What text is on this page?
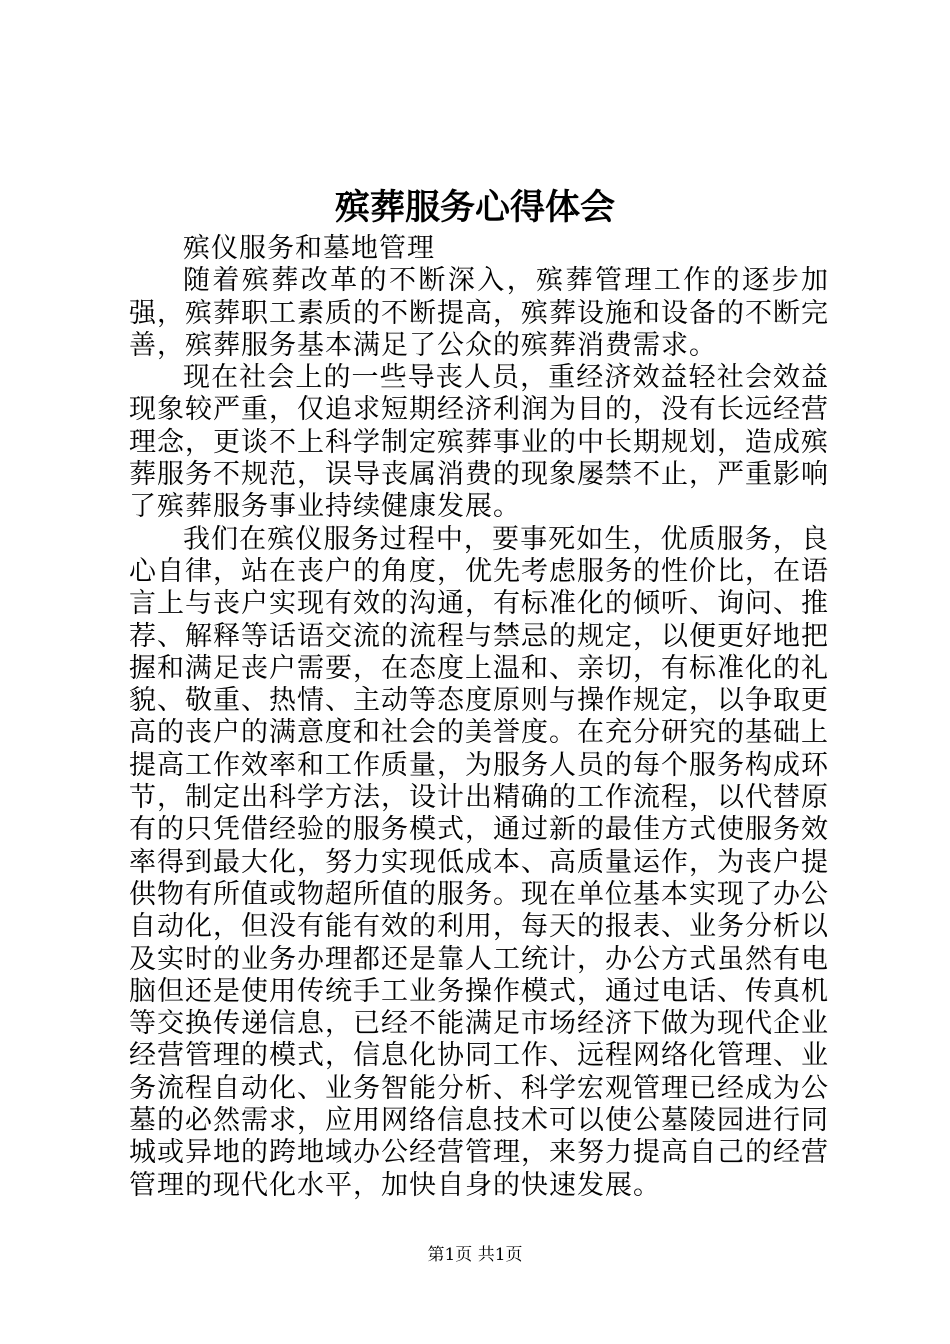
殡葬服务心得体会

殡仪服务和墓地管理

随着殡葬改革的不断深入，殡葬管理工作的逐步加强，殡葬职工素质的不断提高，殡葬设施和设备的不断完善，殡葬服务基本满足了公众的殡葬消费需求。

现在社会上的一些导丧人员，重经济效益轻社会效益现象较严重，仅追求短期经济利润为目的，没有长远经营理念，更谈不上科学制定殡葬事业的中长期规划，造成殡葬服务不规范，误导丧属消费的现象屡禁不止，严重影响了殡葬服务事业持续健康发展。

我们在殡仪服务过程中，要事死如生，优质服务，良心自律，站在丧户的角度，优先考虑服务的性价比，在语言上与丧户实现有效的沟通，有标准化的倾听、询问、推荐、解释等话语交流的流程与禁忌的规定，以便更好地把握和满足丧户需要，在态度上温和、亲切，有标准化的礼貌、敬重、热情、主动等态度原则与操作规定，以争取更高的丧户的满意度和社会的美誉度。在充分研究的基础上提高工作效率和工作质量，为服务人员的每个服务构成环节，制定出科学方法，设计出精确的工作流程，以代替原有的只凭借经验的服务模式，通过新的最佳方式使服务效率得到最大化，努力实现低成本、高质量运作，为丧户提供物有所值或物超所值的服务。现在单位基本实现了办公自动化，但没有能有效的利用，每天的报表、业务分析以及实时的业务办理都还是靠人工统计，办公方式虽然有电脑但还是使用传统手工业务操作模式，通过电话、传真机等交换传递信息，已经不能满足市场经济下做为现代企业经营管理的模式，信息化协同工作、远程网络化管理、业务流程自动化、业务智能分析、科学宏观管理已经成为公墓的必然需求，应用网络信息技术可以使公墓陵园进行同城或异地的跨地域办公经营管理，来努力提高自己的经营管理的现代化水平，加快自身的快速发展。

第1页 共1页
